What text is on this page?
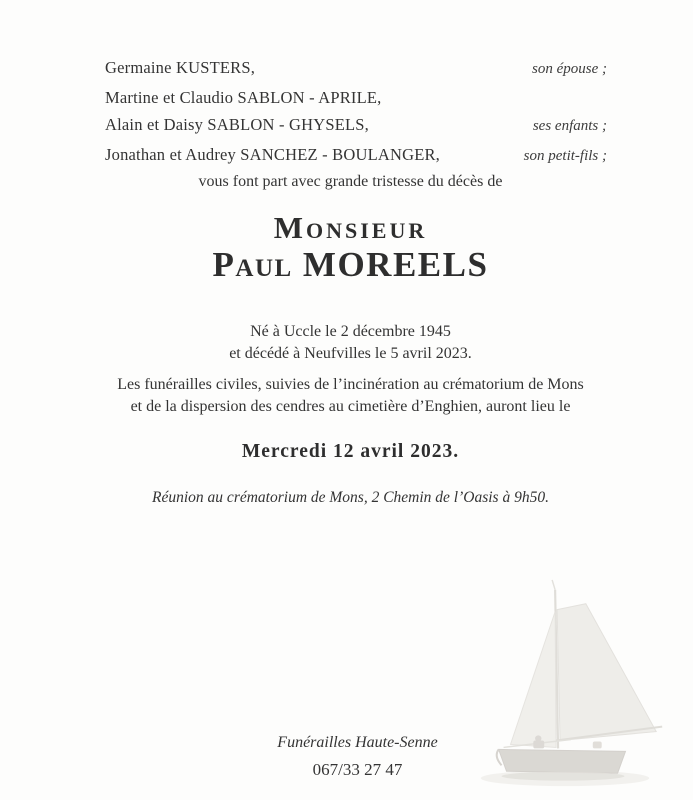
Germaine KUSTERS,	son épouse ;
Martine et Claudio SABLON - APRILE,
Alain et Daisy SABLON - GHYSELS,	ses enfants ;
Jonathan et Audrey SANCHEZ - BOULANGER,	son petit-fils ;
vous font part avec grande tristesse du décès de
Monsieur
Paul MOREELS
Né à Uccle le 2 décembre 1945
et décédé à Neufvilles le 5 avril 2023.
Les funérailles civiles, suivies de l’incinération au crématorium de Mons
et de la dispersion des cendres au cimetière d’Enghien, auront lieu le
Mercredi 12 avril 2023.
Réunion au crématorium de Mons, 2 Chemin de l’Oasis à 9h50.
Funérailles Haute-Senne
067/33 27 47
